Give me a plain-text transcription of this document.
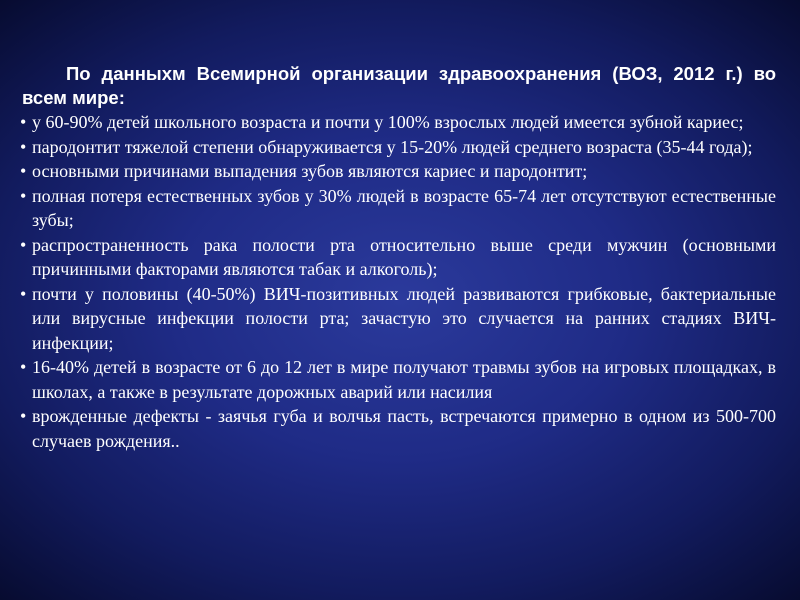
По данныхм Всемирной организации здравоохранения (ВОЗ, 2012 г.) во всем мире:

• у 60-90% детей школьного возраста и почти у 100% взрослых людей имеется зубной кариес;
• пародонтит тяжелой степени обнаруживается у 15-20% людей среднего возраста (35-44 года);
• основными причинами выпадения зубов являются кариес и пародонтит;
• полная потеря естественных зубов у 30% людей в возрасте 65-74 лет отсутствуют естественные зубы;
• распространенность рака полости рта относительно выше среди мужчин (основными причинными факторами являются табак и алкоголь);
• почти у половины (40-50%) ВИЧ-позитивных людей развиваются грибковые, бактериальные или вирусные инфекции полости рта; зачастую это случается на ранних стадиях ВИЧ-инфекции;
• 16-40% детей в возрасте от 6 до 12 лет в мире получают травмы зубов на игровых площадках, в школах, а также в результате дорожных аварий или насилия
• врожденные дефекты - заячья губа и волчья пасть, встречаются примерно в одном из 500-700 случаев рождения..
